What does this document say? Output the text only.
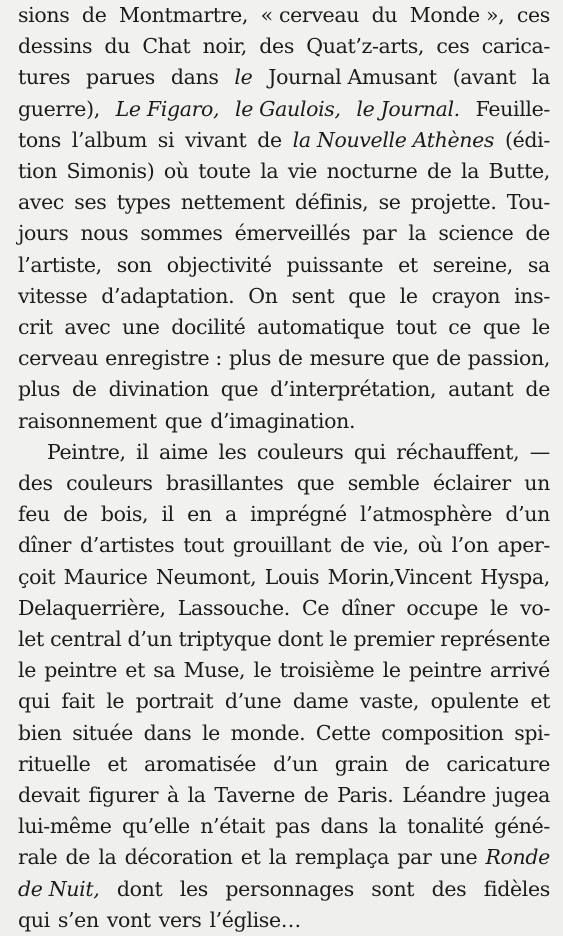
sions de Montmartre, « cerveau du Monde », ces
dessins du Chat noir, des Quat’z-arts, ces carica-
tures parues dans le Journal Amusant (avant la
guerre), Le Figaro, le Gaulois, le Journal. Feuille-
tons l’album si vivant de la Nouvelle Athènes (édi-
tion Simonis) où toute la vie nocturne de la Butte,
avec ses types nettement définis, se projette. Tou-
jours nous sommes émerveillés par la science de
l’artiste, son objectivité puissante et sereine, sa
vitesse d’adaptation. On sent que le crayon ins-
crit avec une docilité automatique tout ce que le
cerveau enregistre : plus de mesure que de passion,
plus de divination que d’interprétation, autant de
raisonnement que d’imagination.
Peintre, il aime les couleurs qui réchauffent, —
des couleurs brasillantes que semble éclairer un
feu de bois, il en a imprégné l’atmosphère d’un
dîner d’artistes tout grouillant de vie, où l’on aper-
çoit Maurice Neumont, Louis Morin,Vincent Hyspa,
Delaquerrière, Lassouche. Ce dîner occupe le vo-
let central d’un triptyque dont le premier représente
le peintre et sa Muse, le troisième le peintre arrivé
qui fait le portrait d’une dame vaste, opulente et
bien située dans le monde. Cette composition spi-
rituelle et aromatisée d’un grain de caricature
devait figurer à la Taverne de Paris. Léandre jugea
lui-même qu’elle n’était pas dans la tonalité géné-
rale de la décoration et la remplaça par une Ronde
de Nuit, dont les personnages sont des fidèles
qui s’en vont vers l’église…
